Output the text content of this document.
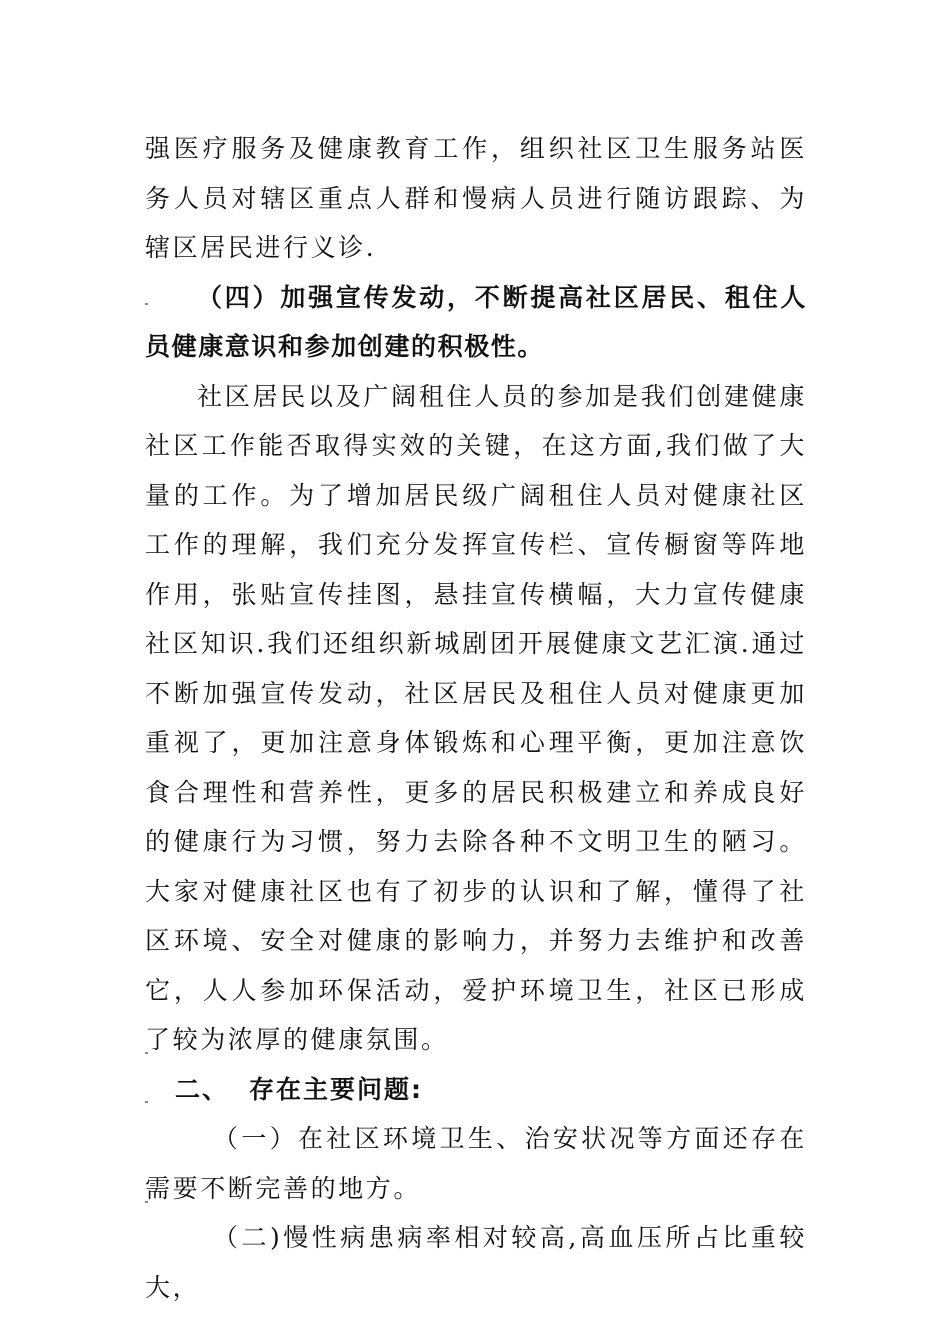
强医疗服务及健康教育工作，组织社区卫生服务站医务人员对辖区重点人群和慢病人员进行随访跟踪、为辖区居民进行义诊.

（四）加强宣传发动，不断提高社区居民、租住人员健康意识和参加创建的积极性。

社区居民以及广阔租住人员的参加是我们创建健康社区工作能否取得实效的关键，在这方面,我们做了大量的工作。为了增加居民级广阔租住人员对健康社区工作的理解，我们充分发挥宣传栏、宣传橱窗等阵地作用，张贴宣传挂图，悬挂宣传横幅，大力宣传健康社区知识.我们还组织新城剧团开展健康文艺汇演.通过不断加强宣传发动，社区居民及租住人员对健康更加重视了，更加注意身体锻炼和心理平衡，更加注意饮食合理性和营养性，更多的居民积极建立和养成良好的健康行为习惯，努力去除各种不文明卫生的陋习。大家对健康社区也有了初步的认识和了解，懂得了社区环境、安全对健康的影响力，并努力去维护和改善它，人人参加环保活动，爱护环境卫生，社区已形成了较为浓厚的健康氛围。

二、 存在主要问题:

（一）在社区环境卫生、治安状况等方面还存在需要不断完善的地方。

（二)慢性病患病率相对较高,高血压所占比重较大，
